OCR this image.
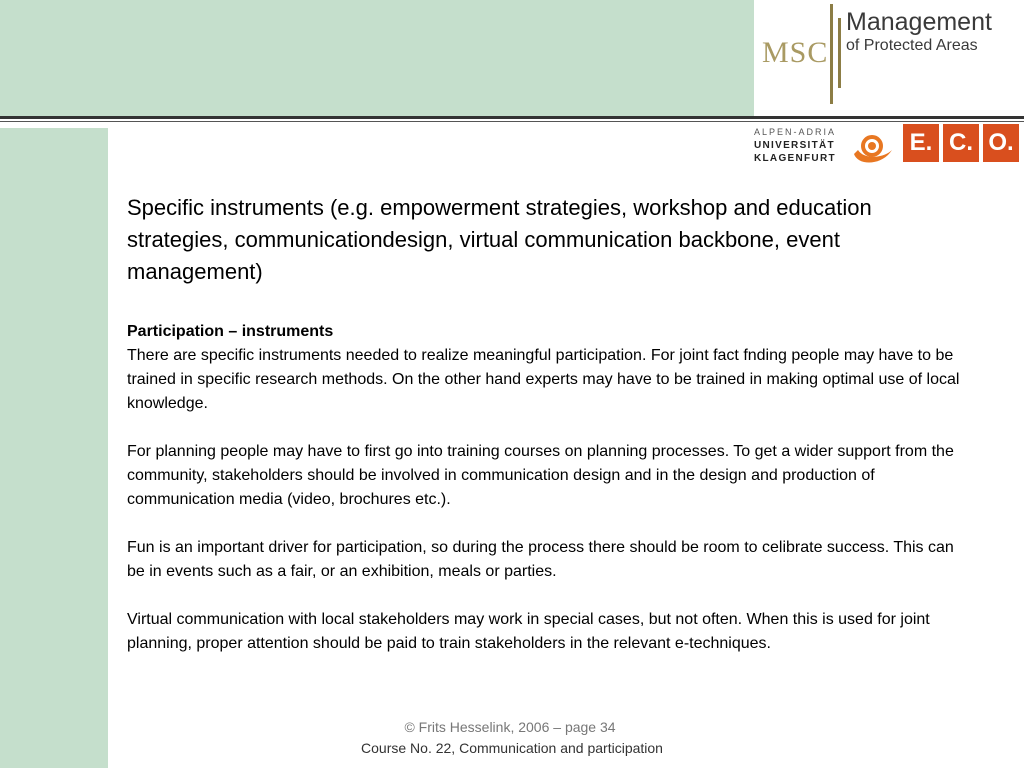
MSC
Management
of Protected Areas
ALPEN-ADRIA
UNIVERSITÄT
KLAGENFURT
E. C. O.

Specific instruments (e.g. empowerment strategies, workshop and education strategies, communicationdesign, virtual communication backbone, event management)

Participation – instruments

There are specific instruments needed to realize meaningful participation. For joint fact fnding people may have to be trained in specific research methods. On the other hand experts may have to be trained in making optimal use of local knowledge.

For planning people may have to first go into training courses on planning processes. To get a wider support from the community, stakeholders should be involved in communication design and in the design and production of communication media (video, brochures etc.).

Fun is an important driver for participation, so during the process there should be room to celibrate success. This can be in events such as a fair, or an exhibition, meals or parties.

Virtual communication with local stakeholders may work in special cases, but not often. When this is used for joint planning, proper attention should be paid to train stakeholders in the relevant e-techniques.

© Frits Hesselink, 2006 – page 34
Course No. 22, Communication and participation
